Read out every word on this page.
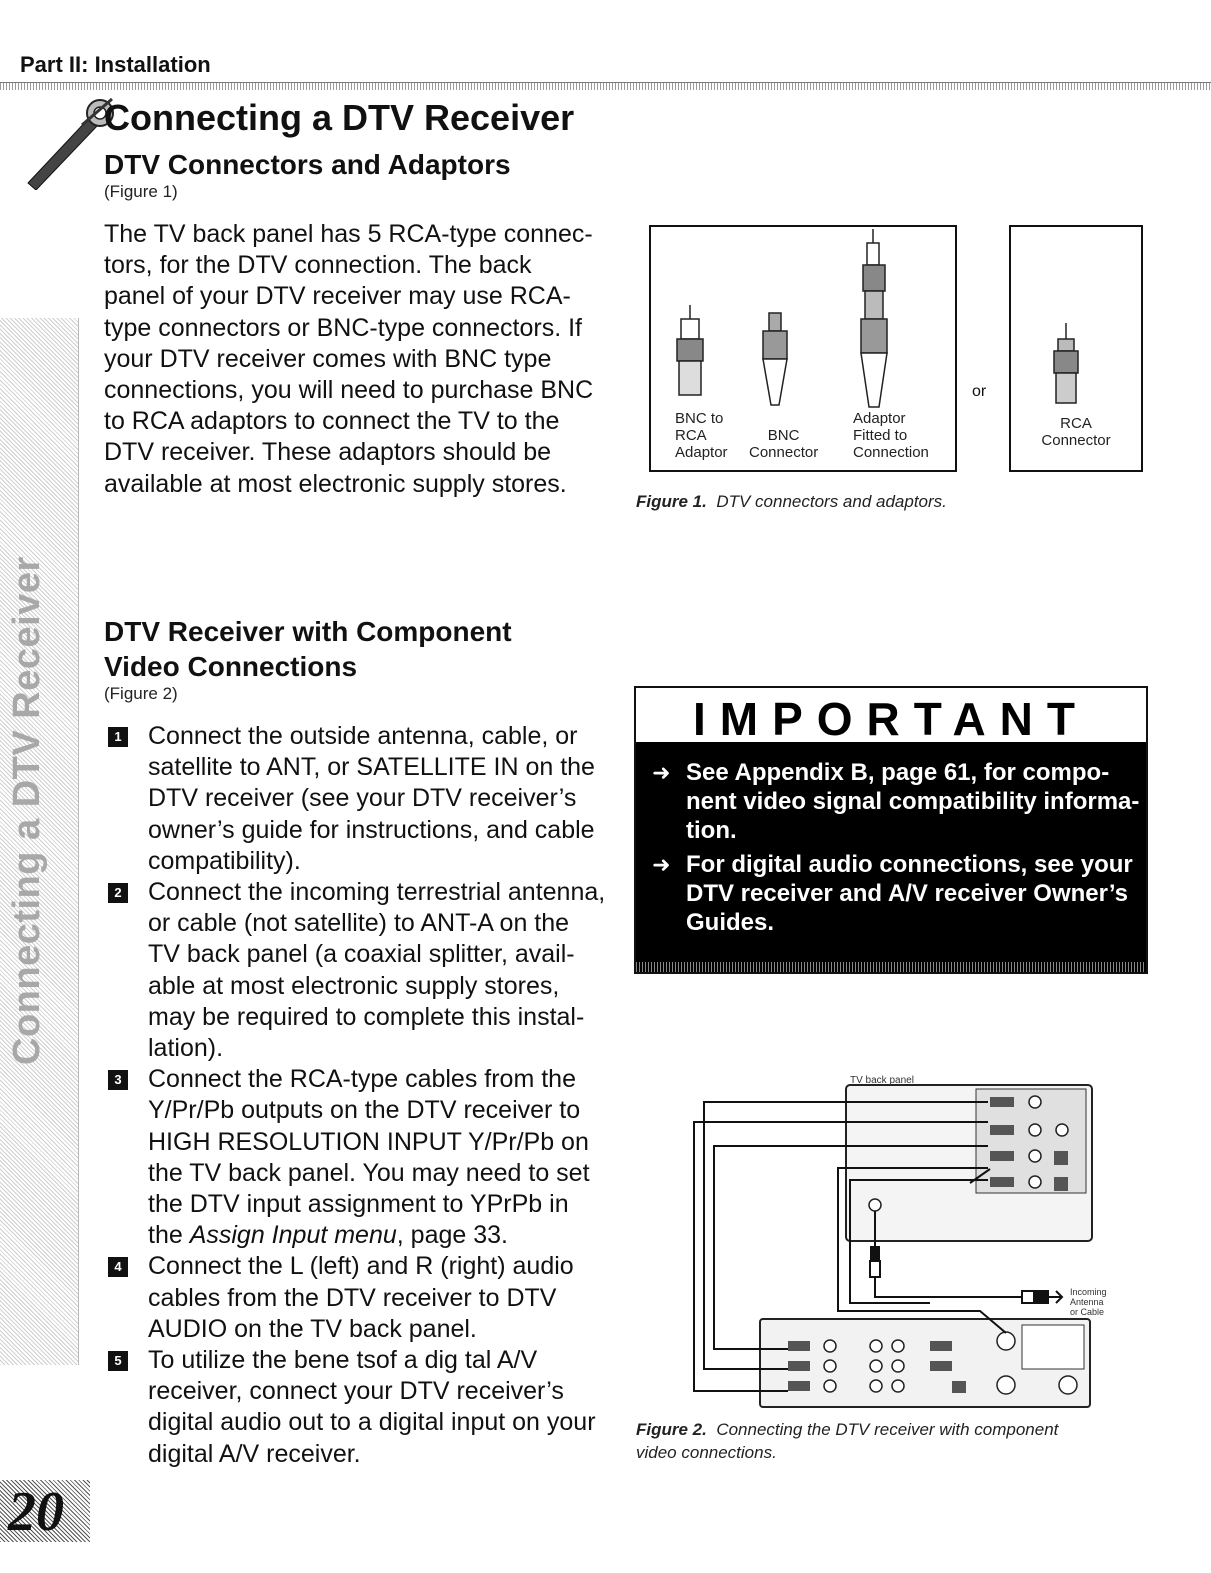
Part II: Installation
Connecting a DTV Receiver
Connecting a DTV Receiver
DTV Connectors and Adaptors
(Figure 1)
The TV back panel has 5 RCA-type connec-
tors, for the DTV connection. The back
panel of your DTV receiver may use RCA-
type connectors or BNC-type connectors. If
your DTV receiver comes with BNC type
connections, you will need to purchase BNC
to RCA adaptors to connect the TV to the
DTV receiver. These adaptors should be
available at most electronic supply stores.
BNC to
RCA
Adaptor
BNC
Connector
Adaptor
Fitted to
Connection
or
RCA
Connector
Figure 1. DTV connectors and adaptors.
DTV Receiver with Component
Video Connections
(Figure 2)
1 Connect the outside antenna, cable, or
satellite to ANT, or SATELLITE IN on the
DTV receiver (see your DTV receiver’s
owner’s guide for instructions, and cable
compatibility).
2 Connect the incoming terrestrial antenna,
or cable (not satellite) to ANT-A on the
TV back panel (a coaxial splitter, avail-
able at most electronic supply stores,
may be required to complete this instal-
lation).
3 Connect the RCA-type cables from the
Y/Pr/Pb outputs on the DTV receiver to
HIGH RESOLUTION INPUT Y/Pr/Pb on
the TV back panel. You may need to set
the DTV input assignment to YPrPb in
the Assign Input menu, page 33.
4 Connect the L (left) and R (right) audio
cables from the DTV receiver to DTV
AUDIO on the TV back panel.
5 To utilize the bene tsof a dig tal A/V
receiver, connect your DTV receiver’s
digital audio out to a digital input on your
digital A/V receiver.
IMPORTANT
➜ See Appendix B, page 61, for compo-
nent video signal compatibility informa-
tion.
➜ For digital audio connections, see your
DTV receiver and A/V receiver Owner’s
Guides.
TV back panel
Incoming Antenna
or Cable
Figure 2. Connecting the DTV receiver with component
video connections.
20
